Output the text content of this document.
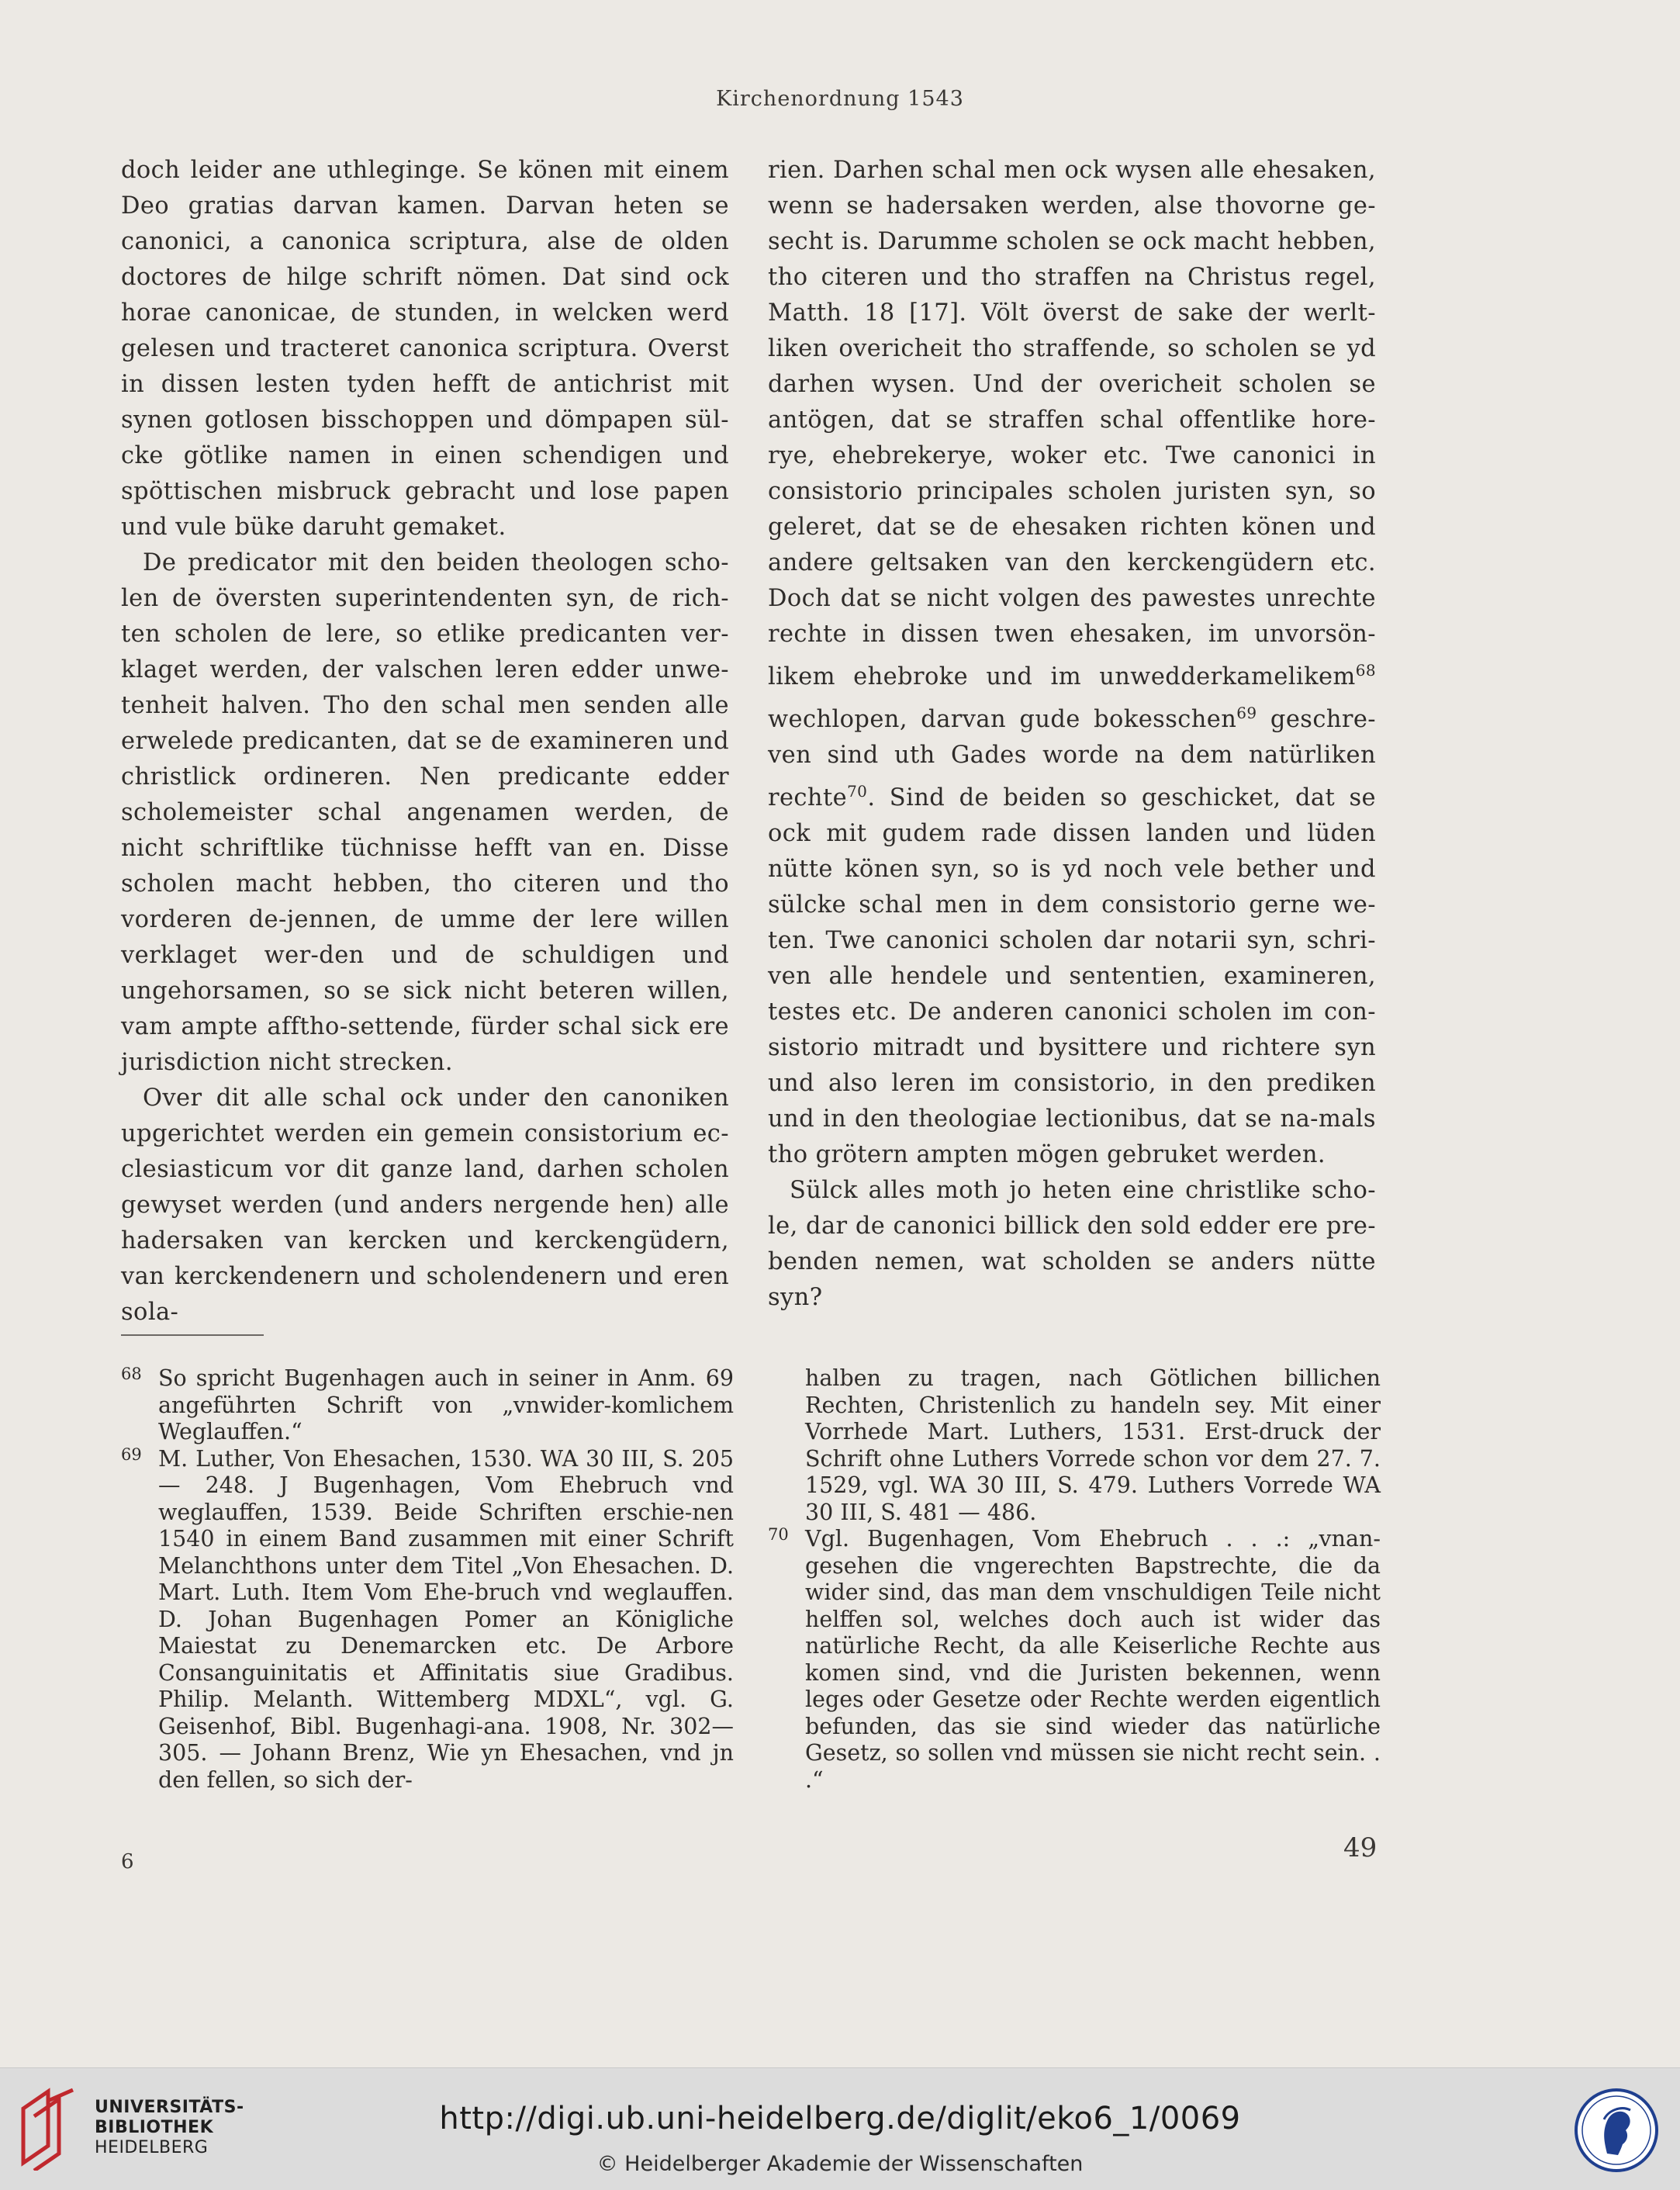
Kirchenordnung 1543

doch leider ane uthleginge. Se könen mit einem Deo gratias darvan kamen. Darvan heten se canonici, a canonica scriptura, alse de olden doctores de hilge schrift nömen. Dat sind ock horae canonicae, de stunden, in welcken werd gelesen und tracteret canonica scriptura. Overst in dissen lesten tyden hefft de antichrist mit synen gotlosen bisschoppen und dömpapen sül-cke götlike namen in einen schendigen und spöttischen misbruck gebracht und lose papen und vule büke daruht gemaket.

De predicator mit den beiden theologen scho-len de översten superintendenten syn, de rich-ten scholen de lere, so etlike predicanten ver-klaget werden, der valschen leren edder unwe-tenheit halven. Tho den schal men senden alle erwelede predicanten, dat se de examineren und christlick ordineren. Nen predicante edder scholemeister schal angenamen werden, de nicht schriftlike tüchnisse hefft van en. Disse scholen macht hebben, tho citeren und tho vorderen de-jennen, de umme der lere willen verklaget wer-den und de schuldigen und ungehorsamen, so se sick nicht beteren willen, vam ampte afftho-settende, fürder schal sick ere jurisdiction nicht strecken.

Over dit alle schal ock under den canoniken upgerichtet werden ein gemein consistorium ec-clesiasticum vor dit ganze land, darhen scholen gewyset werden (und anders nergende hen) alle hadersaken van kercken und kerckengüdern, van kerckendenern und scholendenern und eren sola-

rien. Darhen schal men ock wysen alle ehesaken, wenn se hadersaken werden, alse thovorne ge-secht is. Darumme scholen se ock macht hebben, tho citeren und tho straffen na Christus regel, Matth. 18 [17]. Völt överst de sake der werlt-liken overicheit tho straffende, so scholen se yd darhen wysen. Und der overicheit scholen se antögen, dat se straffen schal offentlike hore-rye, ehebrekerye, woker etc. Twe canonici in consistorio principales scholen juristen syn, so geleret, dat se de ehesaken richten könen und andere geltsaken van den kerckengüdern etc. Doch dat se nicht volgen des pawestes unrechte rechte in dissen twen ehesaken, im unvorsön-likem ehebroke und im unwedderkamelikem$^{68}$ wechlopen, darvan gude bokesschen$^{69}$ geschre-ven sind uth Gades worde na dem natürliken rechte$^{70}$. Sind de beiden so geschicket, dat se ock mit gudem rade dissen landen und lüden nütte könen syn, so is yd noch vele bether und sülcke schal men in dem consistorio gerne we-ten. Twe canonici scholen dar notarii syn, schri-ven alle hendele und sententien, examineren, testes etc. De anderen canonici scholen im con-sistorio mitradt und bysittere und richtere syn und also leren im consistorio, in den prediken und in den theologiae lectionibus, dat se na-mals tho grötern ampten mögen gebruket werden.

Sülck alles moth jo heten eine christlike scho-le, dar de canonici billick den sold edder ere pre-benden nemen, wat scholden se anders nütte syn?

68 So spricht Bugenhagen auch in seiner in Anm. 69 angeführten Schrift von „vnwider-komlichem Weglauffen.“

69 M. Luther, Von Ehesachen, 1530. WA 30 III, S. 205 — 248. J Bugenhagen, Vom Ehebruch vnd weglauffen, 1539. Beide Schriften erschie-nen 1540 in einem Band zusammen mit einer Schrift Melanchthons unter dem Titel „Von Ehesachen. D. Mart. Luth. Item Vom Ehe-bruch vnd weglauffen. D. Johan Bugenhagen Pomer an Königliche Maiestat zu Denemarcken etc. De Arbore Consanguinitatis et Affinitatis siue Gradibus. Philip. Melanth. Wittemberg MDXL“, vgl. G. Geisenhof, Bibl. Bugenhagi-ana. 1908, Nr. 302—305. — Johann Brenz, Wie yn Ehesachen, vnd jn den fellen, so sich der-

halben zu tragen, nach Götlichen billichen Rechten, Christenlich zu handeln sey. Mit einer Vorrhede Mart. Luthers, 1531. Erst-druck der Schrift ohne Luthers Vorrede schon vor dem 27. 7. 1529, vgl. WA 30 III, S. 479. Luthers Vorrede WA 30 III, S. 481 — 486.

70 Vgl. Bugenhagen, Vom Ehebruch . . .: „vnan-gesehen die vngerechten Bapstrechte, die da wider sind, das man dem vnschuldigen Teile nicht helffen sol, welches doch auch ist wider das natürliche Recht, da alle Keiserliche Rechte aus komen sind, vnd die Juristen bekennen, wenn leges oder Gesetze oder Rechte werden eigentlich befunden, das sie sind wieder das natürliche Gesetz, so sollen vnd müssen sie nicht recht sein. . .“

6	49
UNIVERSITÄTS-
BIBLIOTHEK
HEIDELBERG
http://digi.ub.uni-heidelberg.de/diglit/eko6_1/0069
© Heidelberger Akademie der Wissenschaften
